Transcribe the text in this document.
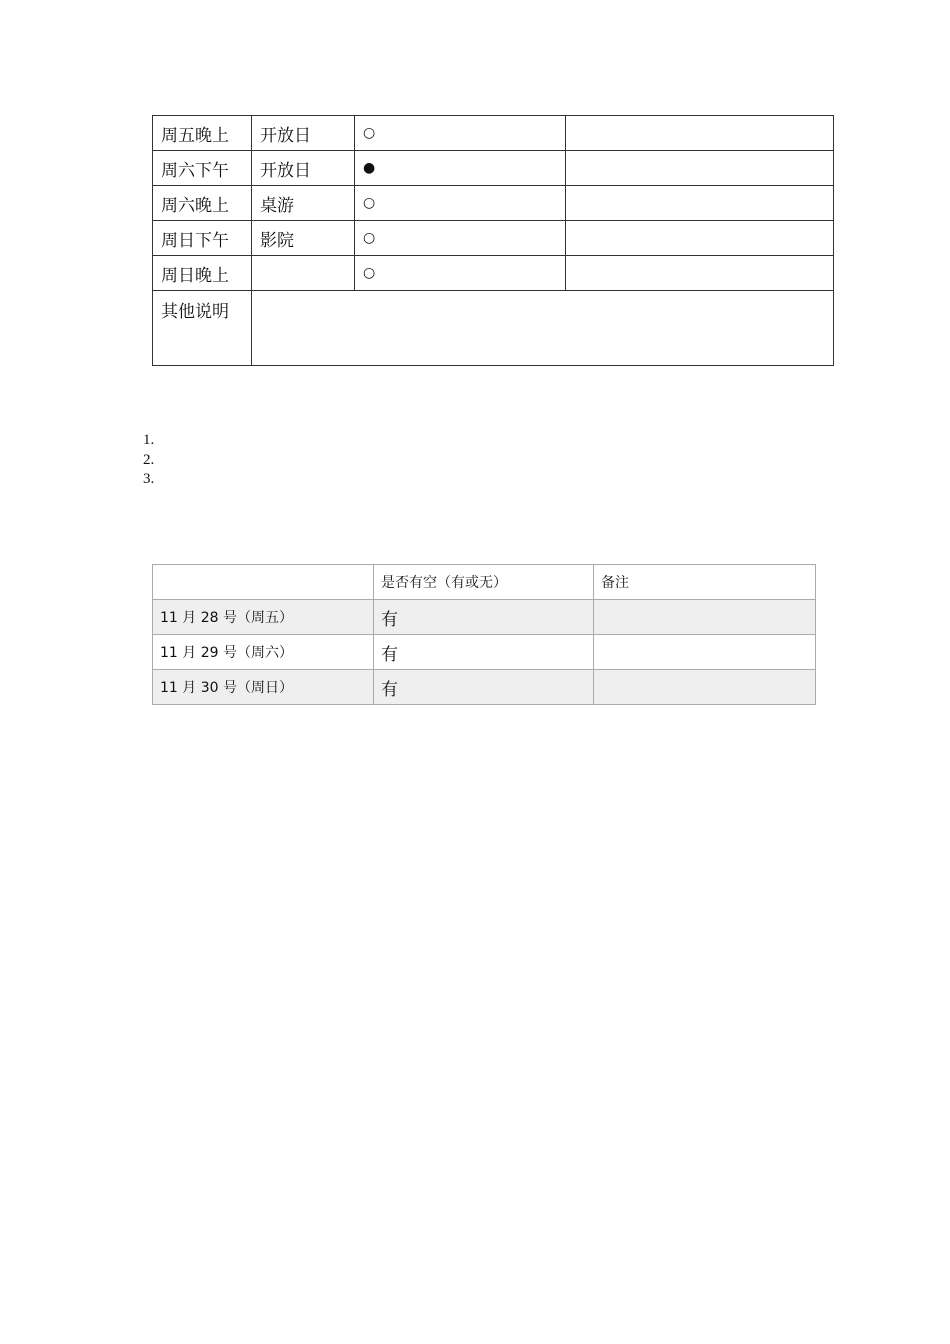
周五晚上	开放日	○	
周六下午	开放日	●	
周六晚上	桌游	○	
周日下午	影院	○	
周日晚上		○	
其他说明			
1.
2.
3.
	是否有空（有或无）	备注
11 月 28 号（周五）	有	
11 月 29 号（周六）	有	
11 月 30 号（周日）	有	
